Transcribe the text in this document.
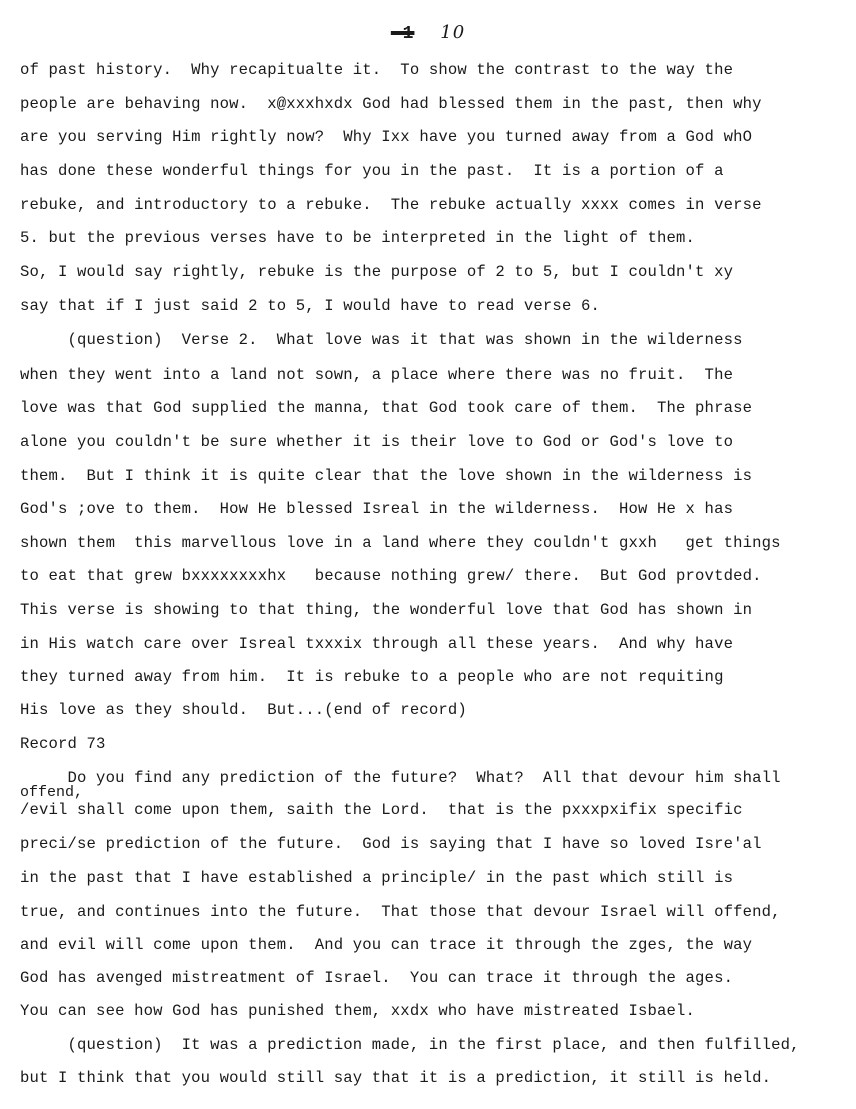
-1 10
of past history.  Why recapitualte it.  To show the contrast to the way the
people are behaving now.  x@xxxhxdx God had blessed them in the past, then why
are you serving Him rightly now?  Why Ixx have you turned away from a God whO
has done these wonderful things for you in the past.  It is a portion of a
rebuke, and introductory to a rebuke.  The rebuke actually xxxx comes in verse
5. but the previous verses have to be interpreted in the light of them.
So, I would say rightly, rebuke is the purpose of 2 to 5, but I couldn't xy
say that if I just said 2 to 5, I would have to read verse 6.
(question)  Verse 2.  What love was it that was shown in the wilderness
when they went into a land not sown, a place where there was no fruit.  The
love was that God supplied the manna, that God took care of them.  The phrase
alone you couldn't be sure whether it is their love to God or God's love to
them.  But I think it is quite clear that the love shown in the wilderness is
God's ;ove to them.  How He blessed Isreal in the wilderness.  How He x has
shown them  this marvellous love in a land where they couldn't gxxh   get things
to eat that grew bxxxxxxxxhx   because nothing grew/ there.  But God provtded.
This verse is showing to that thing, the wonderful love that God has shown in
in His watch care over Isreal txxxix through all these years.  And why have
they turned away from him.  It is rebuke to a people who are not requiting
His love as they should.  But...(end of record)
Record 73
Do you find any prediction of the future?  What?  All that devour him shall
offend,
/evil shall come upon them, saith the Lord.  that is the pxxxpxifix specific
preci/se prediction of the future.  God is saying that I have so loved Isre'al
in the past that I have established a principle/ in the past which still is
true, and continues into the future.  That those that devour Israel will offend,
and evil will come upon them.  And you can trace it through the zges, the way
God has avenged mistreatment of Israel.  You can trace it through the ages.
You can see how God has punished them, xxdx who have mistreated Isbael.
(question)  It was a prediction made, in the first place, and then fulfilled,
but I think that you would still say that it is a prediction, it still is held.
